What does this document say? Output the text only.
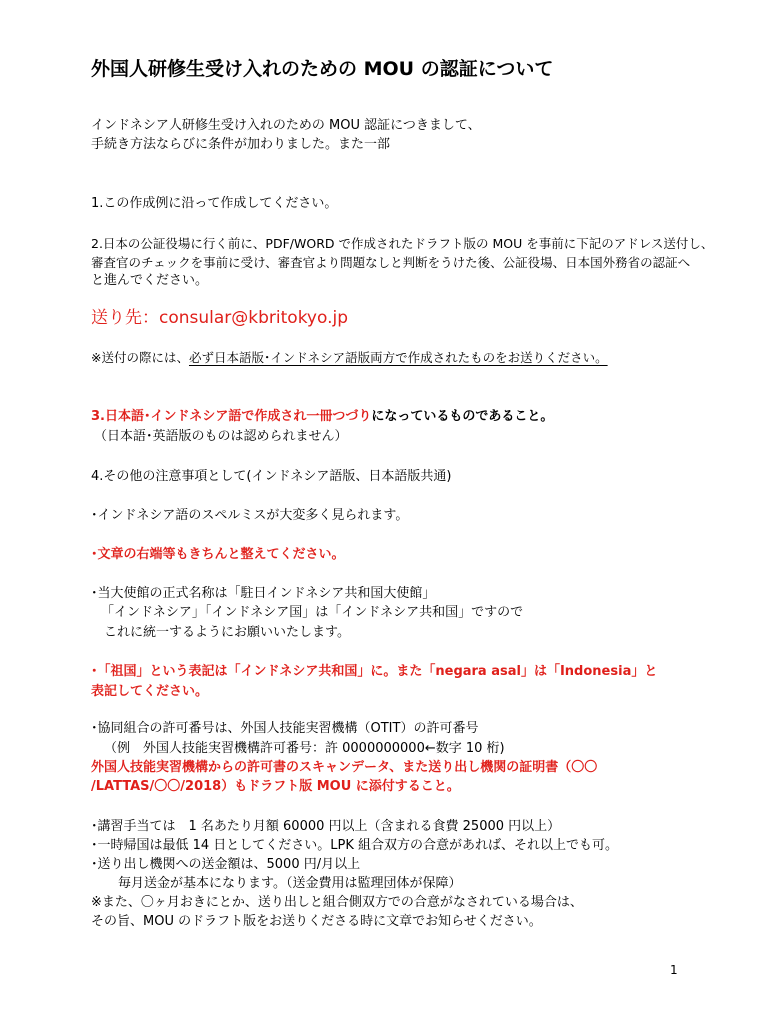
外国人研修生受け入れのための MOU の認証について
インドネシア人研修生受け入れのための MOU 認証につきまして、
手続き方法ならびに条件が加わりました。また一部
1.この作成例に沿って作成してください。
2.日本の公証役場に行く前に、PDF/WORD で作成されたドラフト版の MOU を事前に下記のアドレス送付し、
審査官のチェックを事前に受け、審査官より問題なしと判断をうけた後、公証役場、日本国外務省の認証へ
と進んでください。
送り先：consular@kbritokyo.jp
※送付の際には、必ず日本語版･インドネシア語版両方で作成されたものをお送りください。
3.日本語･インドネシア語で作成され一冊つづりになっているものであること。
（日本語･英語版のものは認められません）
4.その他の注意事項として(インドネシア語版、日本語版共通)
･インドネシア語のスペルミスが大変多く見られます。
･文章の右端等もきちんと整えてください。
･当大使館の正式名称は「駐日インドネシア共和国大使館」
「インドネシア」「インドネシア国」は「インドネシア共和国」ですので
これに統一するようにお願いいたします。
･「祖国」という表記は「インドネシア共和国」に。また「negara asal」は「Indonesia」と
表記してください。
･協同組合の許可番号は、外国人技能実習機構（OTIT）の許可番号
（例　外国人技能実習機構許可番号：許 0000000000←数字 10 桁)
外国人技能実習機構からの許可書のスキャンデータ、また送り出し機関の証明書（〇〇
/LATTAS/〇〇/2018）もドラフト版 MOU に添付すること。
･講習手当ては　1 名あたり月額 60000 円以上（含まれる食費 25000 円以上）
･一時帰国は最低 14 日としてください。LPK 組合双方の合意があれば、それ以上でも可。
･送り出し機関への送金額は、5000 円/月以上
毎月送金が基本になります。（送金費用は監理団体が保障）
※また、〇ヶ月おきにとか、送り出しと組合側双方での合意がなされている場合は、
その旨、MOU のドラフト版をお送りくださる時に文章でお知らせください。
1
